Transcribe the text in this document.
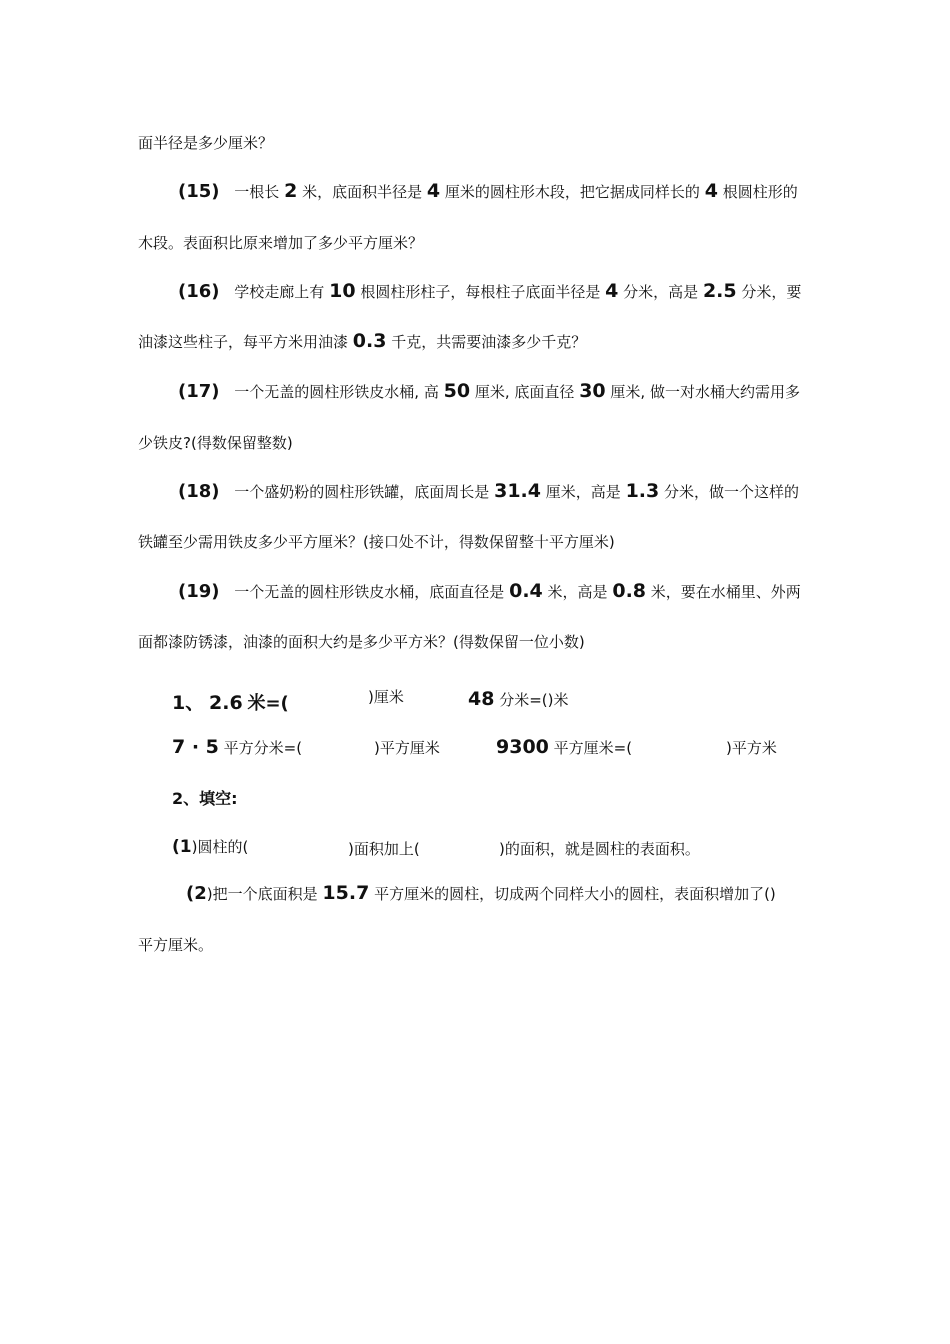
面半径是多少厘米？
(15) 一根长 2 米，底面积半径是 4 厘米的圆柱形木段，把它据成同样长的 4 根圆柱形的
木段。表面积比原来增加了多少平方厘米？
(16) 学校走廊上有 10 根圆柱形柱子，每根柱子底面半径是 4 分米，高是 2.5 分米，要
油漆这些柱子，每平方米用油漆 0.3 千克，共需要油漆多少千克？
(17) 一个无盖的圆柱形铁皮水桶, 高 50 厘米, 底面直径 30 厘米, 做一对水桶大约需用多
少铁皮?(得数保留整数)
(18) 一个盛奶粉的圆柱形铁罐，底面周长是 31.4 厘米，高是 1.3 分米，做一个这样的
铁罐至少需用铁皮多少平方厘米？(接口处不计，得数保留整十平方厘米)
(19) 一个无盖的圆柱形铁皮水桶，底面直径是 0.4 米，高是 0.8 米，要在水桶里、外两
面都漆防锈漆，油漆的面积大约是多少平方米？(得数保留一位小数)
1、 2.6 米=(	)厘米	48 分米=()米
7 · 5 平方分米=(	)平方厘米	9300 平方厘米=(	)平方米
2、填空:
(1)圆柱的(	)面积加上(	)的面积，就是圆柱的表面积。
(2)把一个底面积是 15.7 平方厘米的圆柱，切成两个同样大小的圆柱，表面积增加了()
平方厘米。
